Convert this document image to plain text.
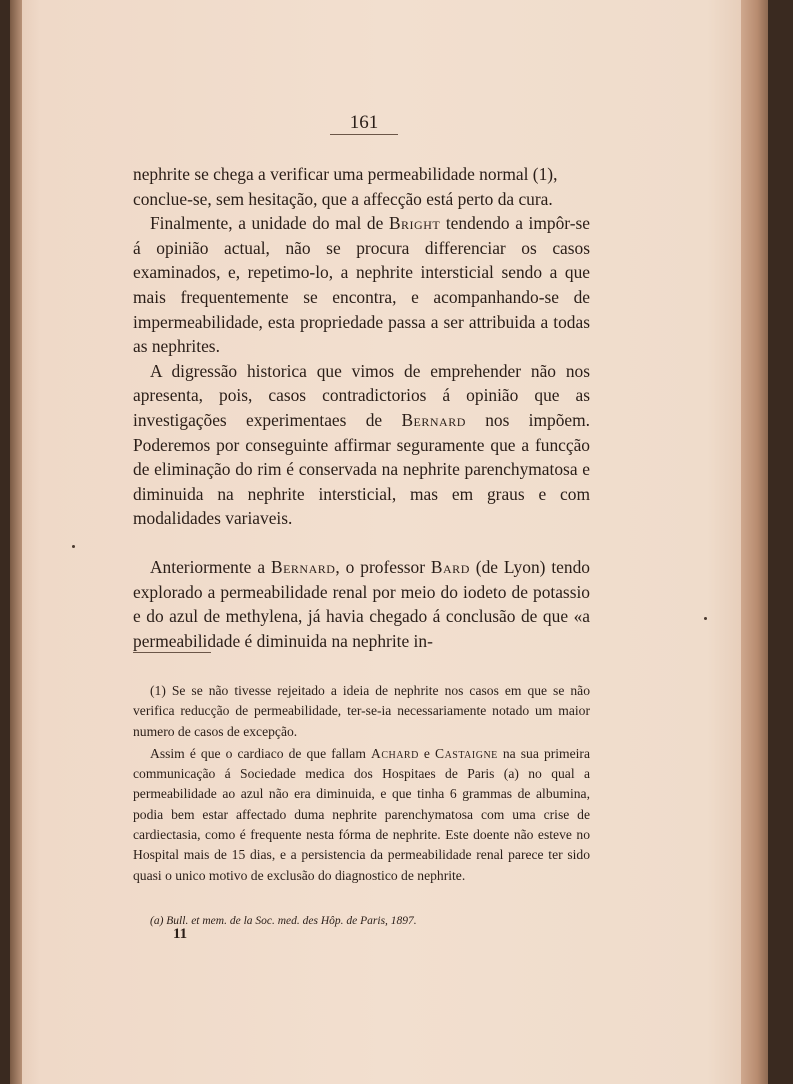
161

nephrite se chega a verificar uma permeabilidade normal (1),
conclue-se, sem hesitação, que a affecção está perto da cura.

Finalmente, a unidade do mal de Bright tendendo a impôr-se á opinião actual, não se procura differenciar os casos examinados, e, repetimo-lo, a nephrite intersticial sendo a que mais frequentemente se encontra, e acompanhando-se de impermeabilidade, esta propriedade passa a ser attribuida a todas as nephrites.

A digressão historica que vimos de emprehender não nos apresenta, pois, casos contradictorios á opinião que as investigações experimentaes de Bernard nos impõem. Poderemos por conseguinte affirmar seguramente que a funcção de eliminação do rim é conservada na nephrite parenchymatosa e diminuida na nephrite intersticial, mas em graus e com modalidades variaveis.

Anteriormente a Bernard, o professor Bard (de Lyon) tendo explorado a permeabilidade renal por meio do iodeto de potassio e do azul de methylena, já havia chegado á conclusão de que «a permeabilidade é diminuida na nephrite in-

(1) Se se não tivesse rejeitado a ideia de nephrite nos casos em que se não verifica reducção de permeabilidade, ter-se-ia necessariamente notado um maior numero de casos de excepção.

Assim é que o cardiaco de que fallam Achard e Castaigne na sua primeira communicação á Sociedade medica dos Hospitaes de Paris (a) no qual a permeabilidade ao azul não era diminuida, e que tinha 6 grammas de albumina, podia bem estar affectado duma nephrite parenchymatosa com uma crise de cardiectasia, como é frequente nesta fórma de nephrite. Este doente não esteve no Hospital mais de 15 dias, e a persistencia da permeabilidade renal parece ter sido quasi o unico motivo de exclusão do diagnostico de nephrite.

(a) Bull. et mem. de la Soc. med. des Hôp. de Paris, 1897.
11
